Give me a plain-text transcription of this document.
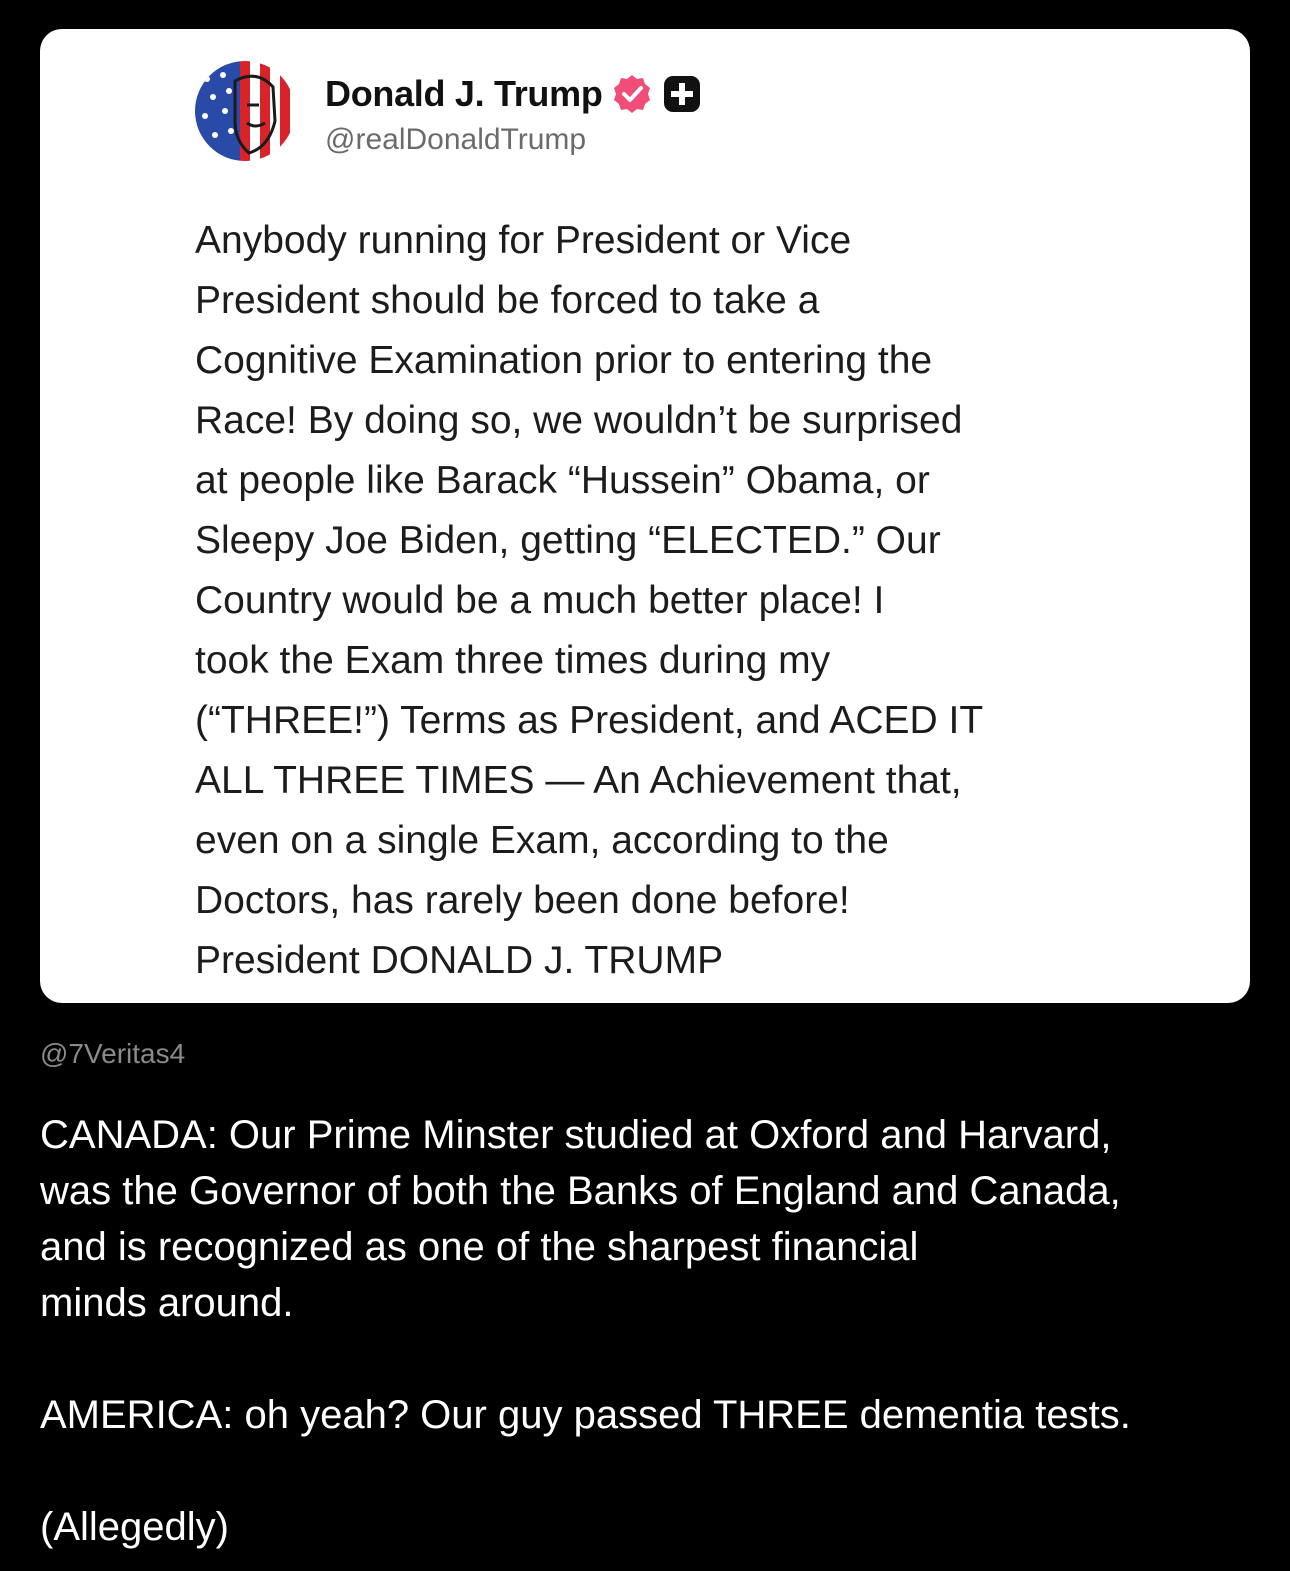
Donald J. Trump
@realDonaldTrump
Anybody running for President or Vice
President should be forced to take a
Cognitive Examination prior to entering the
Race! By doing so, we wouldn’t be surprised
at people like Barack “Hussein” Obama, or
Sleepy Joe Biden, getting “ELECTED.” Our
Country would be a much better place! I
took the Exam three times during my
(“THREE!”) Terms as President, and ACED IT
ALL THREE TIMES — An Achievement that,
even on a single Exam, according to the
Doctors, has rarely been done before!
President DONALD J. TRUMP
@7Veritas4
CANADA: Our Prime Minster studied at Oxford and Harvard,
was the Governor of both the Banks of England and Canada,
and is recognized as one of the sharpest financial
minds around.
AMERICA: oh yeah? Our guy passed THREE dementia tests.
(Allegedly)
